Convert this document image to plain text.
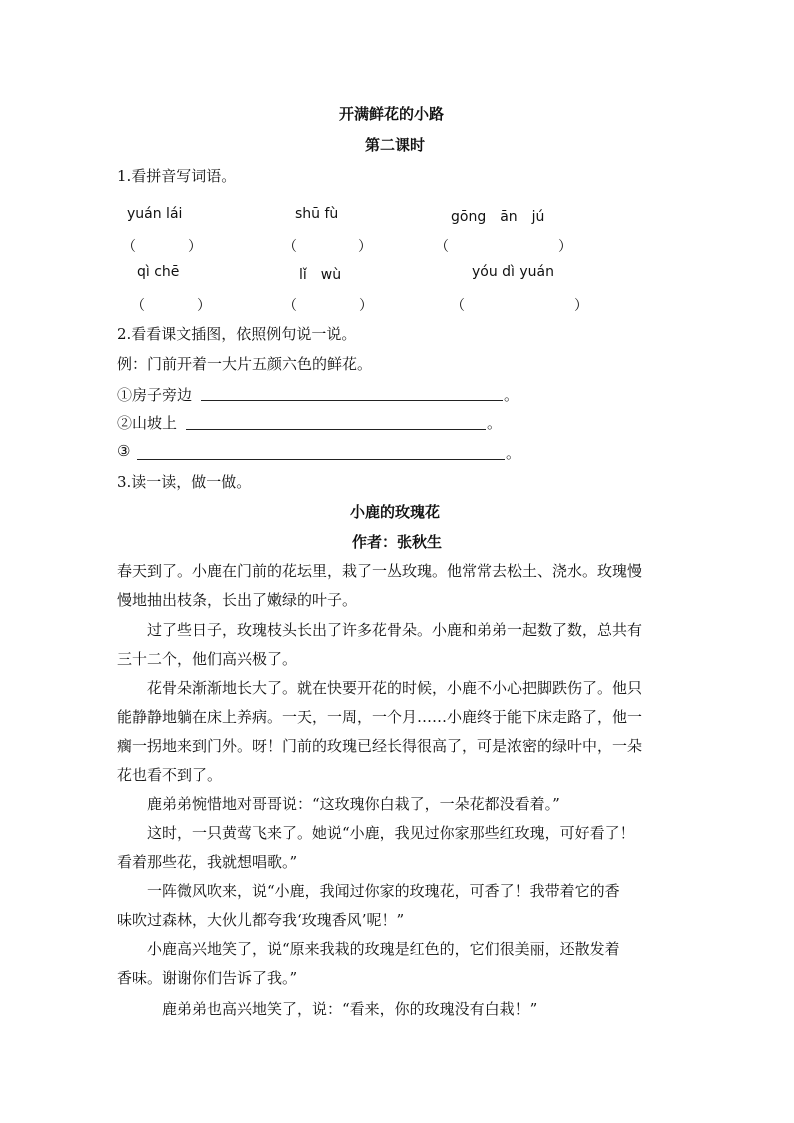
开满鲜花的小路
第二课时
1.看拼音写词语。
yuán lái	shū fù	gōng　ān　jú
（	）	（	）	（	）
qì chē	lǐ　wù	yóu dì yuán
（	）	（	）	（	）
2.看看课文插图，依照例句说一说。
例：门前开着一大片五颜六色的鲜花。
①房子旁边	。
②山坡上	。
③	。
3.读一读，做一做。
小鹿的玫瑰花
作者：张秋生
春天到了。小鹿在门前的花坛里，栽了一丛玫瑰。他常常去松土、浇水。玫瑰慢
慢地抽出枝条，长出了嫩绿的叶子。
　　过了些日子，玫瑰枝头长出了许多花骨朵。小鹿和弟弟一起数了数，总共有
三十二个，他们高兴极了。
　　花骨朵渐渐地长大了。就在快要开花的时候，小鹿不小心把脚跌伤了。他只
能静静地躺在床上养病。一天，一周，一个月……小鹿终于能下床走路了，他一
瘸一拐地来到门外。呀！门前的玫瑰已经长得很高了，可是浓密的绿叶中，一朵
花也看不到了。
　　鹿弟弟惋惜地对哥哥说：“这玫瑰你白栽了，一朵花都没看着。”
　　这时，一只黄莺飞来了。她说“小鹿，我见过你家那些红玫瑰，可好看了！
看着那些花，我就想唱歌。”
　　一阵微风吹来，说“小鹿，我闻过你家的玫瑰花，可香了！我带着它的香
味吹过森林，大伙儿都夸我‘玫瑰香风’呢！”
　　小鹿高兴地笑了，说“原来我栽的玫瑰是红色的，它们很美丽，还散发着
香味。谢谢你们告诉了我。”
　　　鹿弟弟也高兴地笑了，说：“看来，你的玫瑰没有白栽！”
